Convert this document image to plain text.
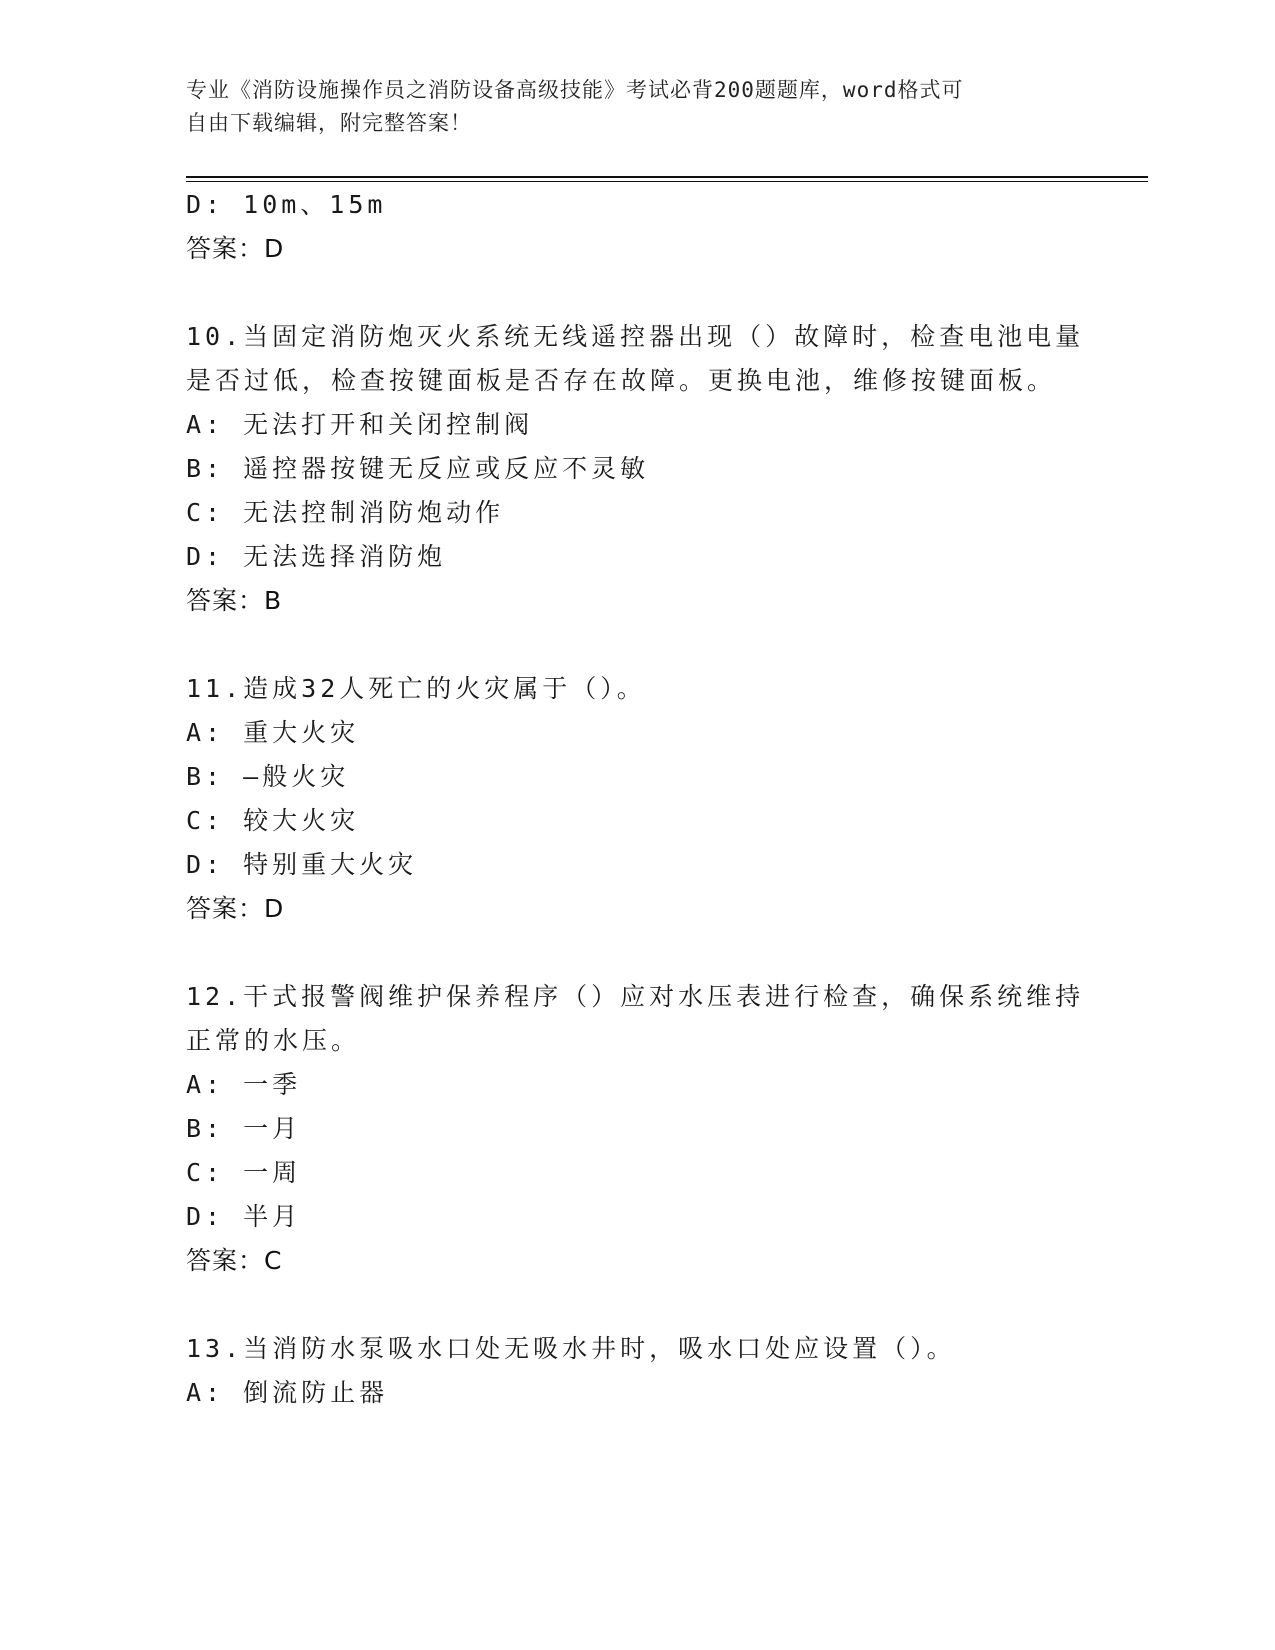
专业《消防设施操作员之消防设备高级技能》考试必背200题题库，word格式可
自由下载编辑，附完整答案！
D: 10m、15m
答案：D
10.当固定消防炮灭火系统无线遥控器出现（）故障时，检查电池电量
是否过低，检查按键面板是否存在故障。更换电池，维修按键面板。
A: 无法打开和关闭控制阀
B: 遥控器按键无反应或反应不灵敏
C: 无法控制消防炮动作
D: 无法选择消防炮
答案：B
11.造成32人死亡的火灾属于（）。
A: 重大火灾
B: —般火灾
C: 较大火灾
D: 特别重大火灾
答案：D
12.干式报警阀维护保养程序（）应对水压表进行检查，确保系统维持
正常的水压。
A: 一季
B: 一月
C: 一周
D: 半月
答案：C
13.当消防水泵吸水口处无吸水井时，吸水口处应设置（）。
A: 倒流防止器
